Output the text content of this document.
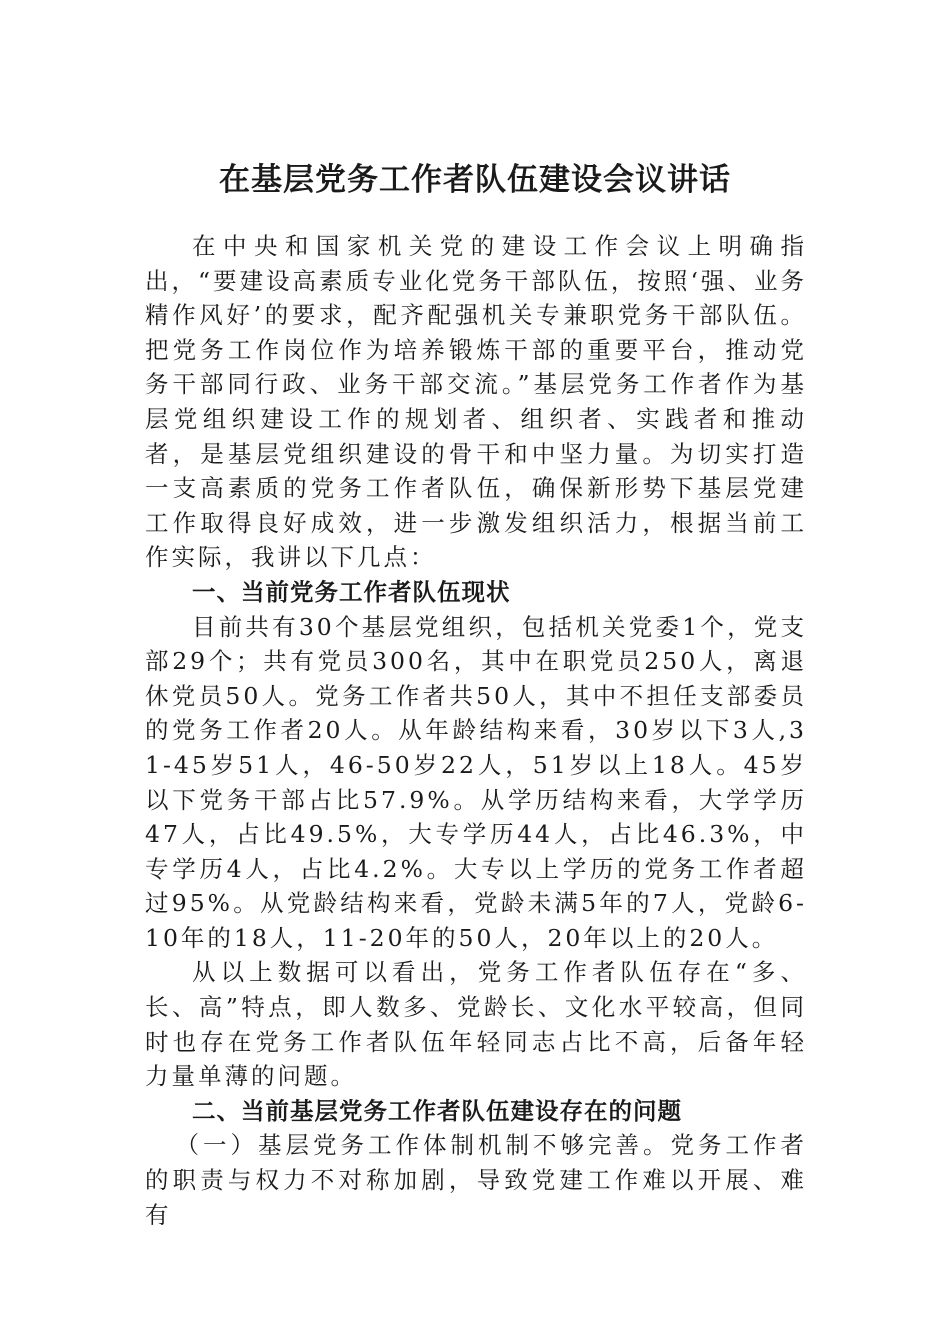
在基层党务工作者队伍建设会议讲话

在中央和国家机关党的建设工作会议上明确指出，“要建设高素质专业化党务干部队伍，按照‘强、业务精作风好’的要求，配齐配强机关专兼职党务干部队伍。把党务工作岗位作为培养锻炼干部的重要平台，推动党务干部同行政、业务干部交流。”基层党务工作者作为基层党组织建设工作的规划者、组织者、实践者和推动者，是基层党组织建设的骨干和中坚力量。为切实打造一支高素质的党务工作者队伍，确保新形势下基层党建工作取得良好成效，进一步激发组织活力，根据当前工作实际，我讲以下几点：

一、当前党务工作者队伍现状

目前共有30个基层党组织，包括机关党委1个，党支部29个；共有党员300名，其中在职党员250人，离退休党员50人。党务工作者共50人，其中不担任支部委员的党务工作者20人。从年龄结构来看，30岁以下3人,31-45岁51人，46-50岁22人，51岁以上18人。45岁以下党务干部占比57.9%。从学历结构来看，大学学历47人，占比49.5%，大专学历44人，占比46.3%，中专学历4人，占比4.2%。大专以上学历的党务工作者超过95%。从党龄结构来看，党龄未满5年的7人，党龄6-10年的18人，11-20年的50人，20年以上的20人。

从以上数据可以看出，党务工作者队伍存在“多、长、高”特点，即人数多、党龄长、文化水平较高，但同时也存在党务工作者队伍年轻同志占比不高，后备年轻力量单薄的问题。

二、当前基层党务工作者队伍建设存在的问题

（一）基层党务工作体制机制不够完善。党务工作者的职责与权力不对称加剧，导致党建工作难以开展、难有
